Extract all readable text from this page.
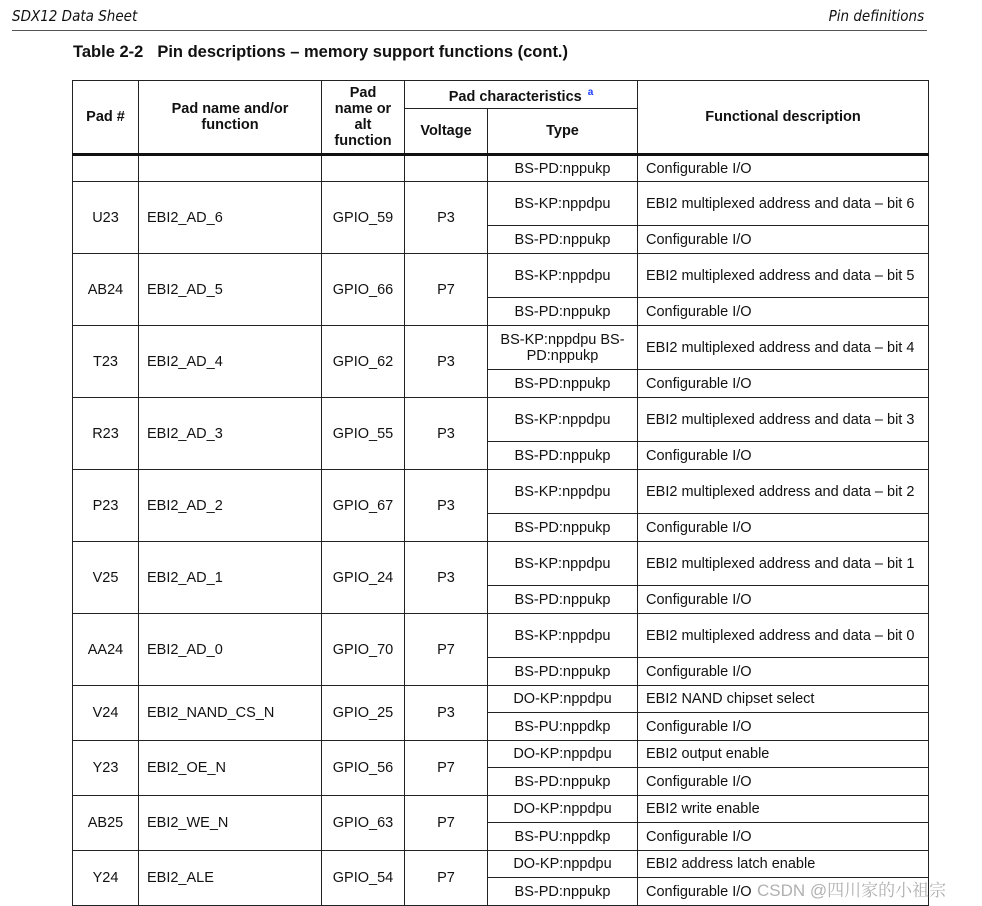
SDX12 Data Sheet	Pin definitions
Table 2-2 Pin descriptions – memory support functions (cont.)
Pad #	Pad name and/or function	Pad name or alt function	Pad characteristics $^a$		Functional description
			Voltage	Type	
				BS-PD:nppukp	Configurable I/O
U23	EBI2_AD_6	GPIO_59	P3	BS-KP:nppdpu	EBI2 multiplexed address and data – bit 6
				BS-PD:nppukp	Configurable I/O
AB24	EBI2_AD_5	GPIO_66	P7	BS-KP:nppdpu	EBI2 multiplexed address and data – bit 5
				BS-PD:nppukp	Configurable I/O
T23	EBI2_AD_4	GPIO_62	P3	BS-KP:nppdpu BS-PD:nppukp	EBI2 multiplexed address and data – bit 4
				BS-PD:nppukp	Configurable I/O
R23	EBI2_AD_3	GPIO_55	P3	BS-KP:nppdpu	EBI2 multiplexed address and data – bit 3
				BS-PD:nppukp	Configurable I/O
P23	EBI2_AD_2	GPIO_67	P3	BS-KP:nppdpu	EBI2 multiplexed address and data – bit 2
				BS-PD:nppukp	Configurable I/O
V25	EBI2_AD_1	GPIO_24	P3	BS-KP:nppdpu	EBI2 multiplexed address and data – bit 1
				BS-PD:nppukp	Configurable I/O
AA24	EBI2_AD_0	GPIO_70	P7	BS-KP:nppdpu	EBI2 multiplexed address and data – bit 0
				BS-PD:nppukp	Configurable I/O
V24	EBI2_NAND_CS_N	GPIO_25	P3	DO-KP:nppdpu	EBI2 NAND chipset select
				BS-PU:nppdkp	Configurable I/O
Y23	EBI2_OE_N	GPIO_56	P7	DO-KP:nppdpu	EBI2 output enable
				BS-PD:nppukp	Configurable I/O
AB25	EBI2_WE_N	GPIO_63	P7	DO-KP:nppdpu	EBI2 write enable
				BS-PU:nppdkp	Configurable I/O
Y24	EBI2_ALE	GPIO_54	P7	DO-KP:nppdpu	EBI2 address latch enable
				BS-PD:nppukp	Configurable I/O CSDN @四川家的小祖宗
